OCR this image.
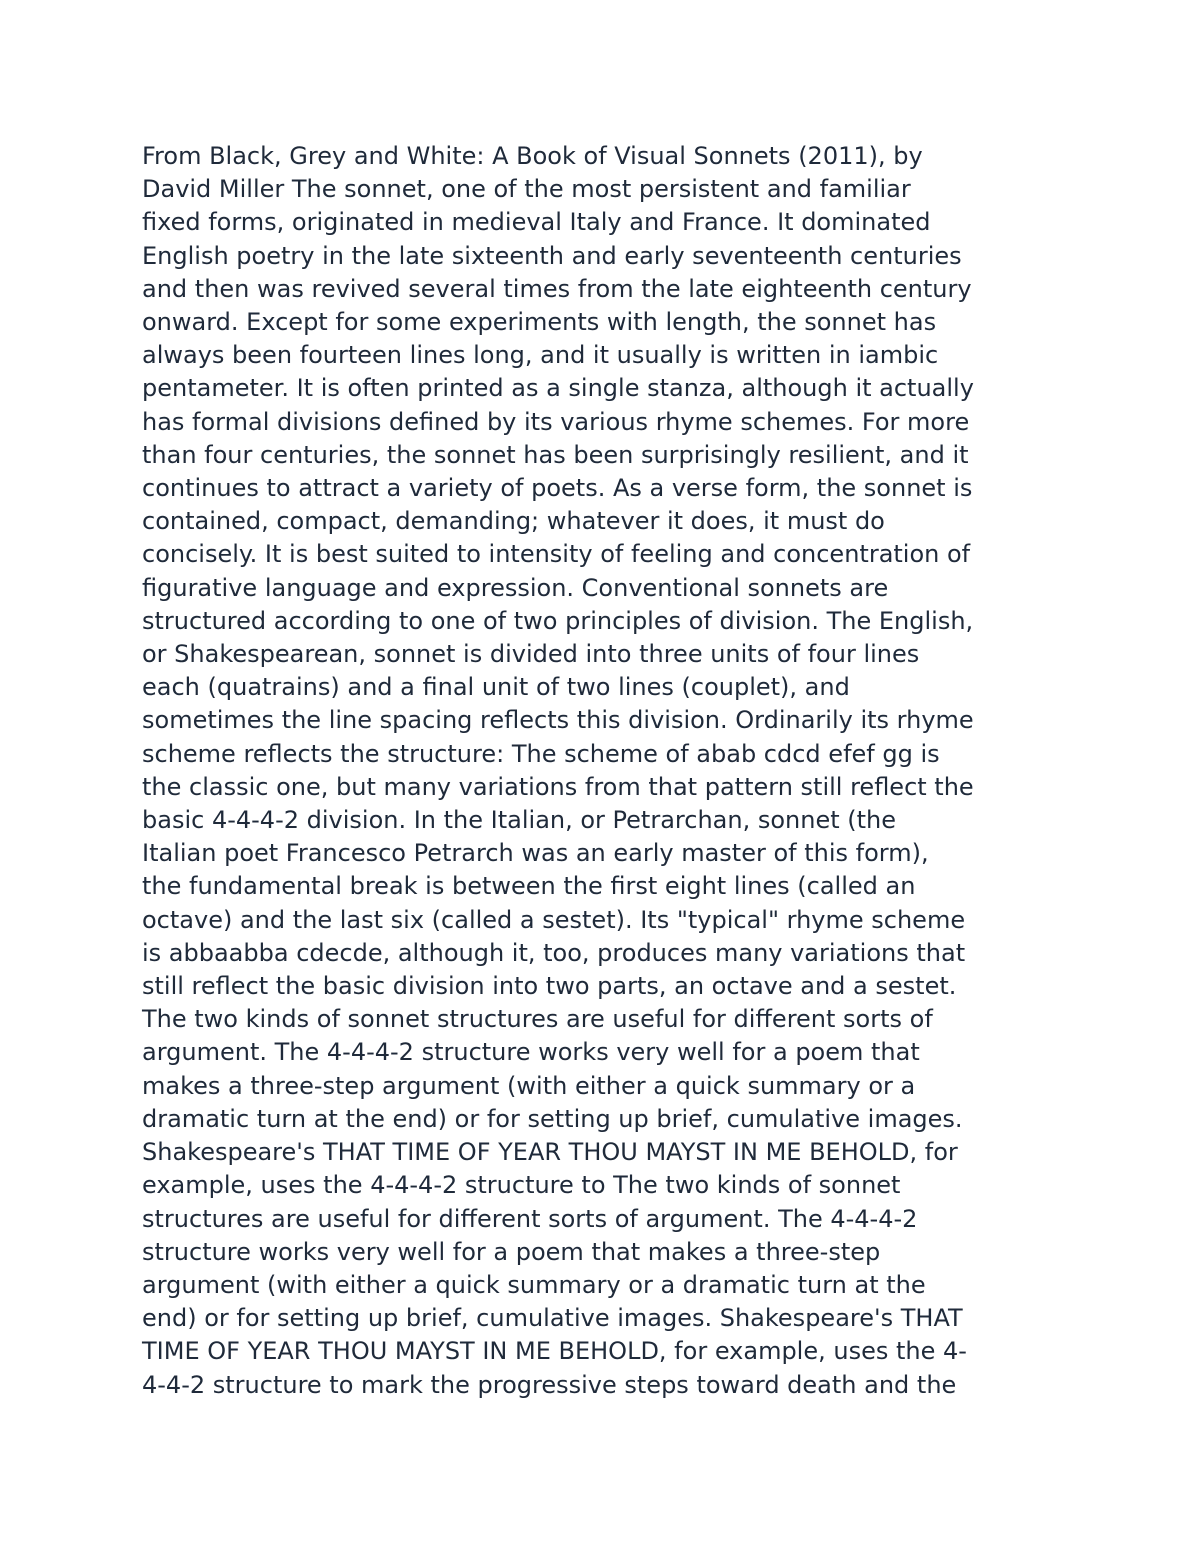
From Black, Grey and White: A Book of Visual Sonnets (2011), by
David Miller The sonnet, one of the most persistent and familiar
fixed forms, originated in medieval Italy and France. It dominated
English poetry in the late sixteenth and early seventeenth centuries
and then was revived several times from the late eighteenth century
onward. Except for some experiments with length, the sonnet has
always been fourteen lines long, and it usually is written in iambic
pentameter. It is often printed as a single stanza, although it actually
has formal divisions defined by its various rhyme schemes. For more
than four centuries, the sonnet has been surprisingly resilient, and it
continues to attract a variety of poets. As a verse form, the sonnet is
contained, compact, demanding; whatever it does, it must do
concisely. It is best suited to intensity of feeling and concentration of
figurative language and expression. Conventional sonnets are
structured according to one of two principles of division. The English,
or Shakespearean, sonnet is divided into three units of four lines
each (quatrains) and a final unit of two lines (couplet), and
sometimes the line spacing reflects this division. Ordinarily its rhyme
scheme reflects the structure: The scheme of abab cdcd efef gg is
the classic one, but many variations from that pattern still reflect the
basic 4-4-4-2 division. In the Italian, or Petrarchan, sonnet (the
Italian poet Francesco Petrarch was an early master of this form),
the fundamental break is between the first eight lines (called an
octave) and the last six (called a sestet). Its "typical" rhyme scheme
is abbaabba cdecde, although it, too, produces many variations that
still reflect the basic division into two parts, an octave and a sestet.
The two kinds of sonnet structures are useful for different sorts of
argument. The 4-4-4-2 structure works very well for a poem that
makes a three-step argument (with either a quick summary or a
dramatic turn at the end) or for setting up brief, cumulative images.
Shakespeare's THAT TIME OF YEAR THOU MAYST IN ME BEHOLD, for
example, uses the 4-4-4-2 structure to The two kinds of sonnet
structures are useful for different sorts of argument. The 4-4-4-2
structure works very well for a poem that makes a three-step
argument (with either a quick summary or a dramatic turn at the
end) or for setting up brief, cumulative images. Shakespeare's THAT
TIME OF YEAR THOU MAYST IN ME BEHOLD, for example, uses the 4-
4-4-2 structure to mark the progressive steps toward death and the
